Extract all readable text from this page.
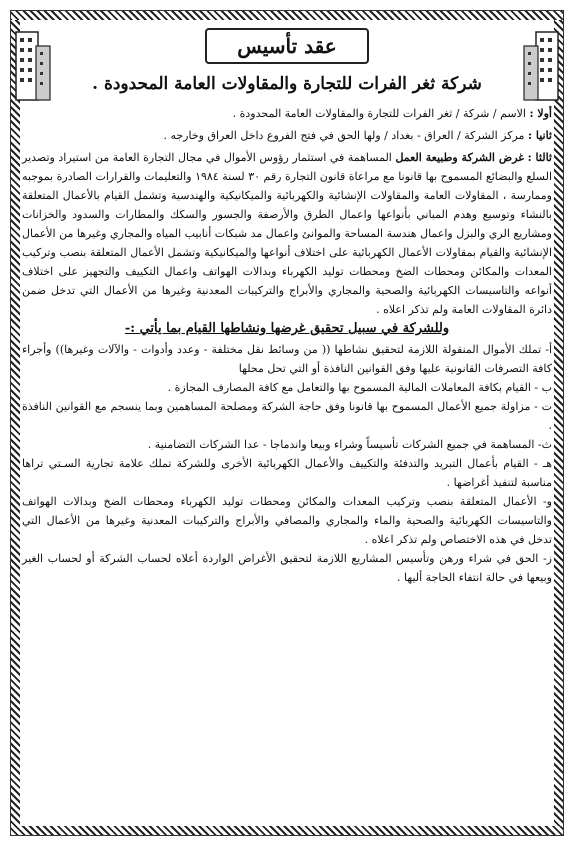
عقد تأسيس
شركة ثغر الفرات للتجارة والمقاولات العامة المحدودة .

أولا : الاسم / شركة / ثغر الفرات للتجارة والمقاولات العامة المحدودة .

ثانيا : مركز الشركة / العراق - بغداد / ولها الحق في فتح الفروع داخل العراق وخارجه .

ثالثا : غرض الشركة وطبيعة العمل المساهمة في استثمار رؤوس الأموال في مجال التجارة العامة من استيراد وتصدير السلع والبضائع المسموح بها قانونا مع مراعاة قانون التجارة رقم ٣٠ لسنة ١٩٨٤ والتعليمات والقرارات الصادرة بموجبه وممارسة ، المقاولات العامة والمقاولات الإنشائية والكهربائية والميكانيكية والهندسية وتشمل القيام بالأعمال المتعلقة بالنشاء وتوسيع وهدم المباني بأنواعها واعمال الطرق والأرصفة والجسور والسكك والمطارات والسدود والخزانات ومشاريع الري والبزل واعمال هندسة المساحة والموانئ واعمال مد شبكات أنابيب المياه والمجاري وغيرها من الأعمال الإنشائية والقيام بمقاولات الأعمال الكهربائية على اختلاف أنواعها والميكانيكية وتشمل الأعمال المتعلقة بنصب وتركيب المعدات والمكائن ومحطات الضخ ومحطات توليد الكهرباء وبدالات الهواتف واعمال التكييف والتجهيز على اختلاف أنواعه والتاسيسات الكهربائية والصحية والمجاري والأبراج والتركيبات المعدنية وغيرها من الأعمال التي تدخل ضمن دائرة المقاولات العامة ولم تذكر اعلاه .

وللشركة في سبيل تحقيق غرضها ونشاطها القيام بما يأتي :-

أ- تملك الأموال المنقولة اللازمة لتحقيق نشاطها (( من وسائط نقل مختلفة - وعدد وأدوات - والآلات وغيرها)) وأجراء كافة التصرفات القانونية عليها وفق القوانين النافذة أو التي تحل محلها

ب - القيام بكافة المعاملات المالية المسموح بها والتعامل مع كافة المصارف المجازة .

ت - مزاولة جميع الأعمال المسموح بها قانونا وفق حاجة الشركة ومصلحة المساهمين وبما ينسجم مع القوانين النافذة .

ث- المساهمة في جميع الشركات تأسيساً وشراء وبيعا واندماجا - عدا الشركات التضامنية .

هـ - القيام بأعمال التبريد والتدفئة والتكييف والأعمال الكهربائية الأخرى وللشركة تملك علامة تجارية السـتي تراها مناسبة لتنفيذ أغراضها .

و- الأعمال المتعلقة بنصب وتركيب المعدات والمكائن ومحطات توليد الكهرباء ومحطات الضخ وبدالات الهواتف والتاسيسات الكهربائية والصحية والماء والمجاري والمصافي والأبراج والتركيبات المعدنية وغيرها من الأعمال التي تدخل في هذه الاختصاص ولم تذكر اعلاه .

ز- الحق في شراء ورهن وتأسيس المشاريع اللازمة لتحقيق الأغراض الواردة أعلاه لحساب الشركة أو لحساب الغير وبيعها في حالة انتفاء الحاجة أليها .
